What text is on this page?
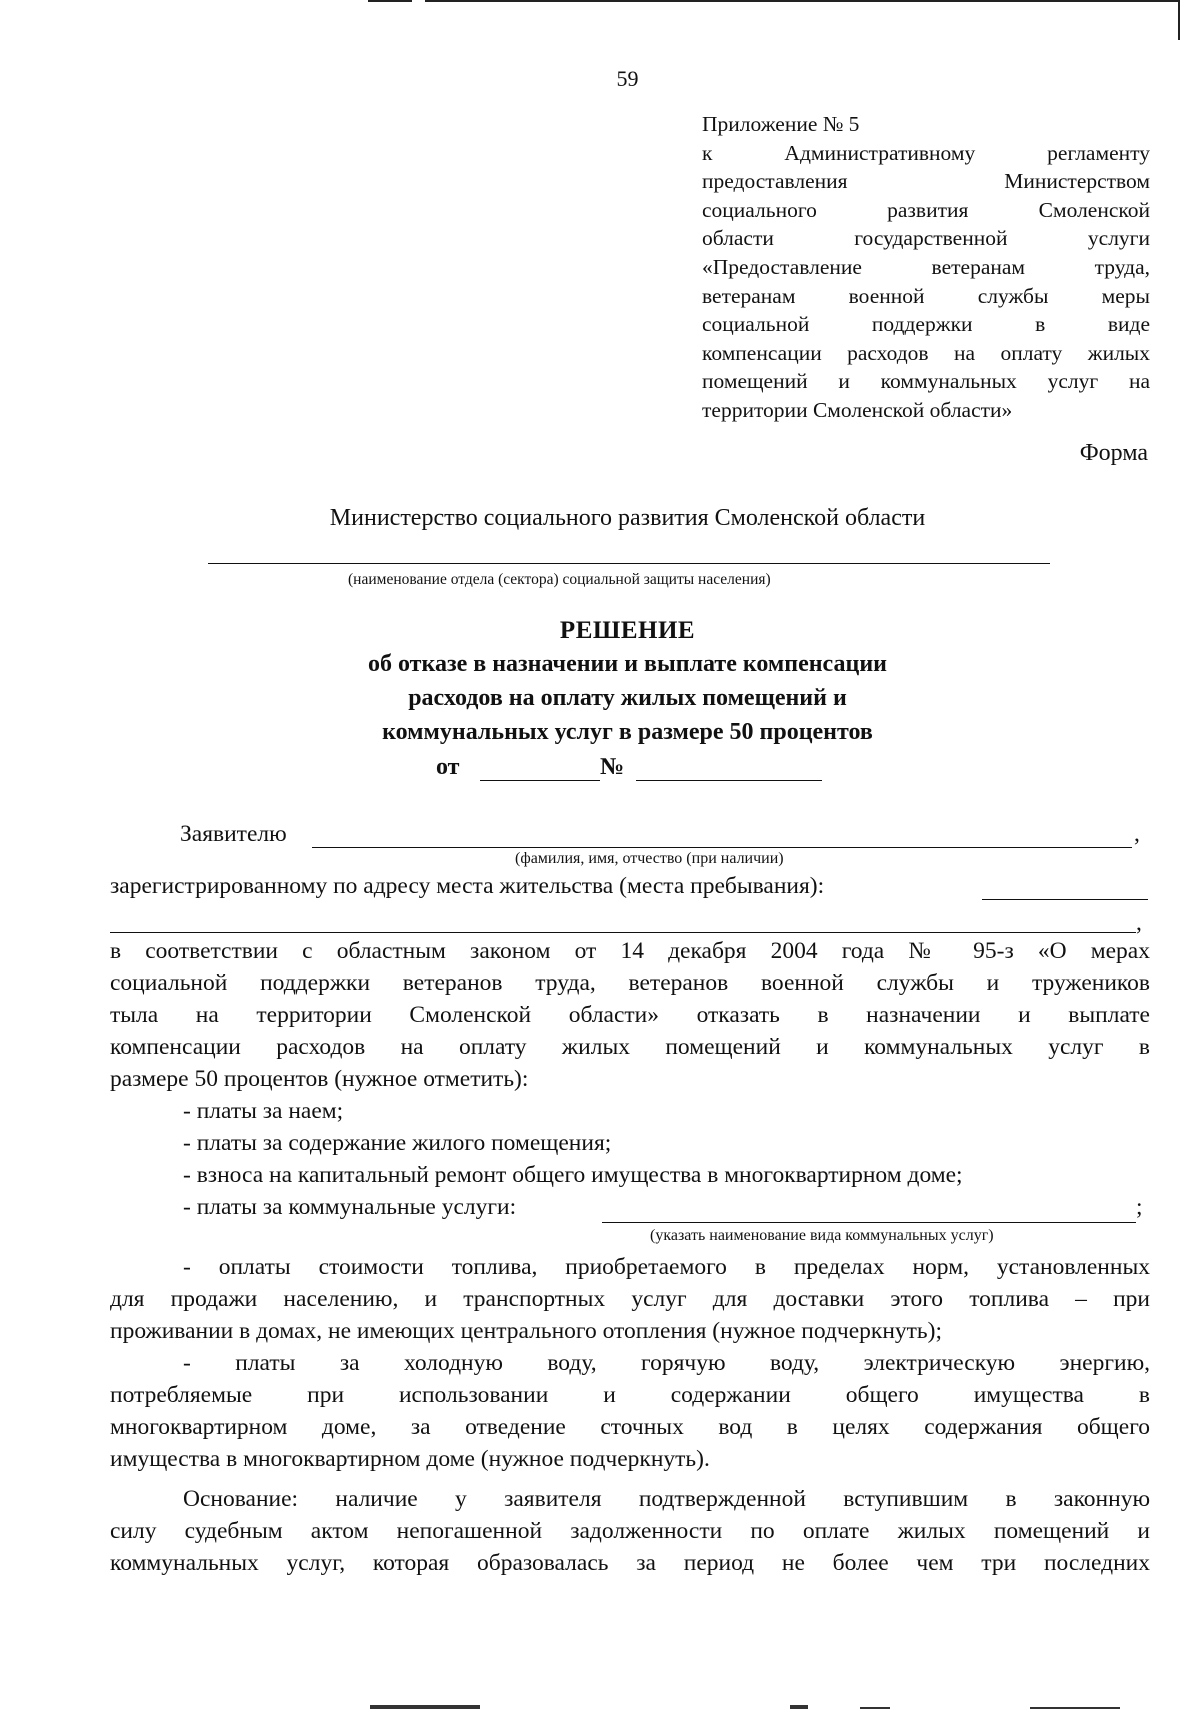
59
Приложение № 5
к Административному регламенту
предоставления Министерством
социального развития Смоленской
области государственной услуги
«Предоставление ветеранам труда,
ветеранам военной службы меры
социальной поддержки в виде
компенсации расходов на оплату жилых
помещений и коммунальных услуг на
территории Смоленской области»
Форма
Министерство социального развития Смоленской области
(наименование отдела (сектора) социальной защиты населения)
РЕШЕНИЕ
об отказе в назначении и выплате компенсации
расходов на оплату жилых помещений и
коммунальных услуг в размере 50 процентов
от	№
Заявителю	,
(фамилия, имя, отчество (при наличии)
зарегистрированному по адресу места жительства (места пребывания):
,
в соответствии с областным законом от 14 декабря 2004 года № 95-з «О мерах
социальной поддержки ветеранов труда, ветеранов военной службы и тружеников
тыла на территории Смоленской области» отказать в назначении и выплате
компенсации расходов на оплату жилых помещений и коммунальных услуг в
размере 50 процентов (нужное отметить):
- платы за наем;
- платы за содержание жилого помещения;
- взноса на капитальный ремонт общего имущества в многоквартирном доме;
- платы за коммунальные услуги:	;
(указать наименование вида коммунальных услуг)
- оплаты стоимости топлива, приобретаемого в пределах норм, установленных
для продажи населению, и транспортных услуг для доставки этого топлива – при
проживании в домах, не имеющих центрального отопления (нужное подчеркнуть);
- платы за холодную воду, горячую воду, электрическую энергию,
потребляемые при использовании и содержании общего имущества в
многоквартирном доме, за отведение сточных вод в целях содержания общего
имущества в многоквартирном доме (нужное подчеркнуть).
Основание: наличие у заявителя подтвержденной вступившим в законную
силу судебным актом непогашенной задолженности по оплате жилых помещений и
коммунальных услуг, которая образовалась за период не более чем три последних
